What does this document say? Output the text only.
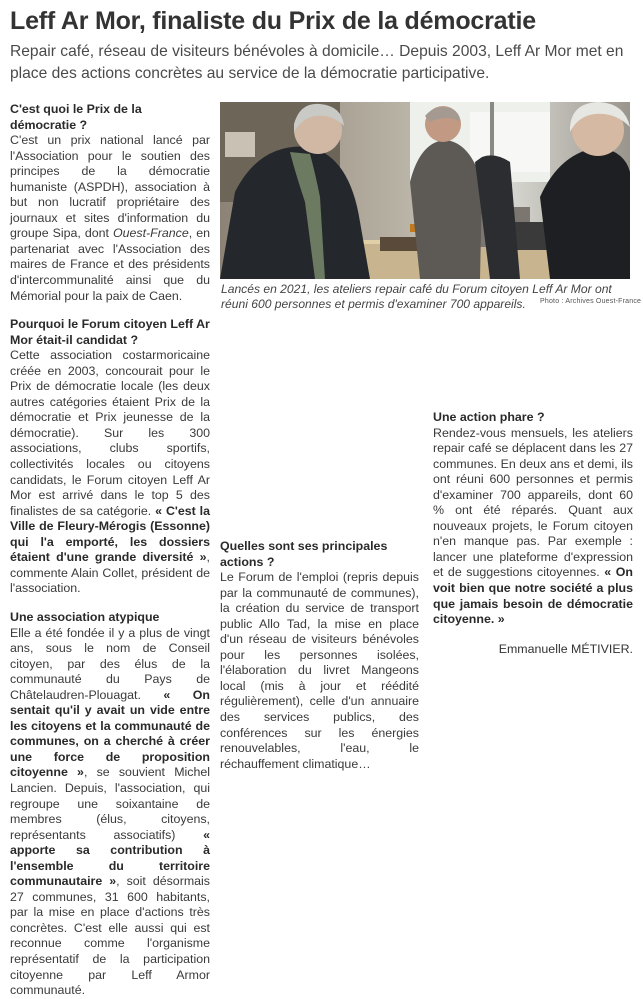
Leff Ar Mor, finaliste du Prix de la démocratie
Repair café, réseau de visiteurs bénévoles à domicile… Depuis 2003, Leff Ar Mor met en place des actions concrètes au service de la démocratie participative.

C'est quoi le Prix de la démocratie ?

C'est un prix national lancé par l'Association pour le soutien des principes de la démocratie humaniste (ASPDH), association à but non lucratif propriétaire des journaux et sites d'information du groupe Sipa, dont Ouest-France, en partenariat avec l'Association des maires de France et des présidents d'intercommunalité ainsi que du Mémorial pour la paix de Caen.

Pourquoi le Forum citoyen Leff Ar Mor était-il candidat ?

Cette association costarmoricaine créée en 2003, concourait pour le Prix de démocratie locale (les deux autres catégories étaient Prix de la démocratie et Prix jeunesse de la démocratie). Sur les 300 associations, clubs sportifs, collectivités locales ou citoyens candidats, le Forum citoyen Leff Ar Mor est arrivé dans le top 5 des finalistes de sa catégorie. « C'est la Ville de Fleury-Mérogis (Essonne) qui l'a emporté, les dossiers étaient d'une grande diversité », commente Alain Collet, président de l'association.

Une association atypique

Elle a été fondée il y a plus de vingt ans, sous le nom de Conseil citoyen, par des élus de la communauté du Pays de Châtelaudren-Plouagat. « On sentait qu'il y avait un vide entre les citoyens et la communauté de communes, on a cherché à créer une force de proposition citoyenne », se souvient Michel Lancien. Depuis, l'association, qui regroupe une soixantaine de membres (élus, citoyens, représentants associatifs) « apporte sa contribution à l'ensemble du territoire communautaire », soit désormais 27 communes, 31 600 habitants, par la mise en place d'actions très concrètes. C'est elle aussi qui est reconnue comme l'organisme représentatif de la participation citoyenne par Leff Armor communauté.

Lancés en 2021, les ateliers repair café du Forum citoyen Leff Ar Mor ont réuni 600 personnes et permis d'examiner 700 appareils.	Photo : Archives Ouest-France

Quelles sont ses principales actions ?

Le Forum de l'emploi (repris depuis par la communauté de communes), la création du service de transport public Allo Tad, la mise en place d'un réseau de visiteurs bénévoles pour les personnes isolées, l'élaboration du livret Mangeons local (mis à jour et réédité régulièrement), celle d'un annuaire des services publics, des conférences sur les énergies renouvelables, l'eau, le réchauffement climatique…

Une action phare ?

Rendez-vous mensuels, les ateliers repair café se déplacent dans les 27 communes. En deux ans et demi, ils ont réuni 600 personnes et permis d'examiner 700 appareils, dont 60 % ont été réparés. Quant aux nouveaux projets, le Forum citoyen n'en manque pas. Par exemple : lancer une plateforme d'expression et de suggestions citoyennes. « On voit bien que notre société a plus que jamais besoin de démocratie citoyenne. »

Emmanuelle MÉTIVIER.
